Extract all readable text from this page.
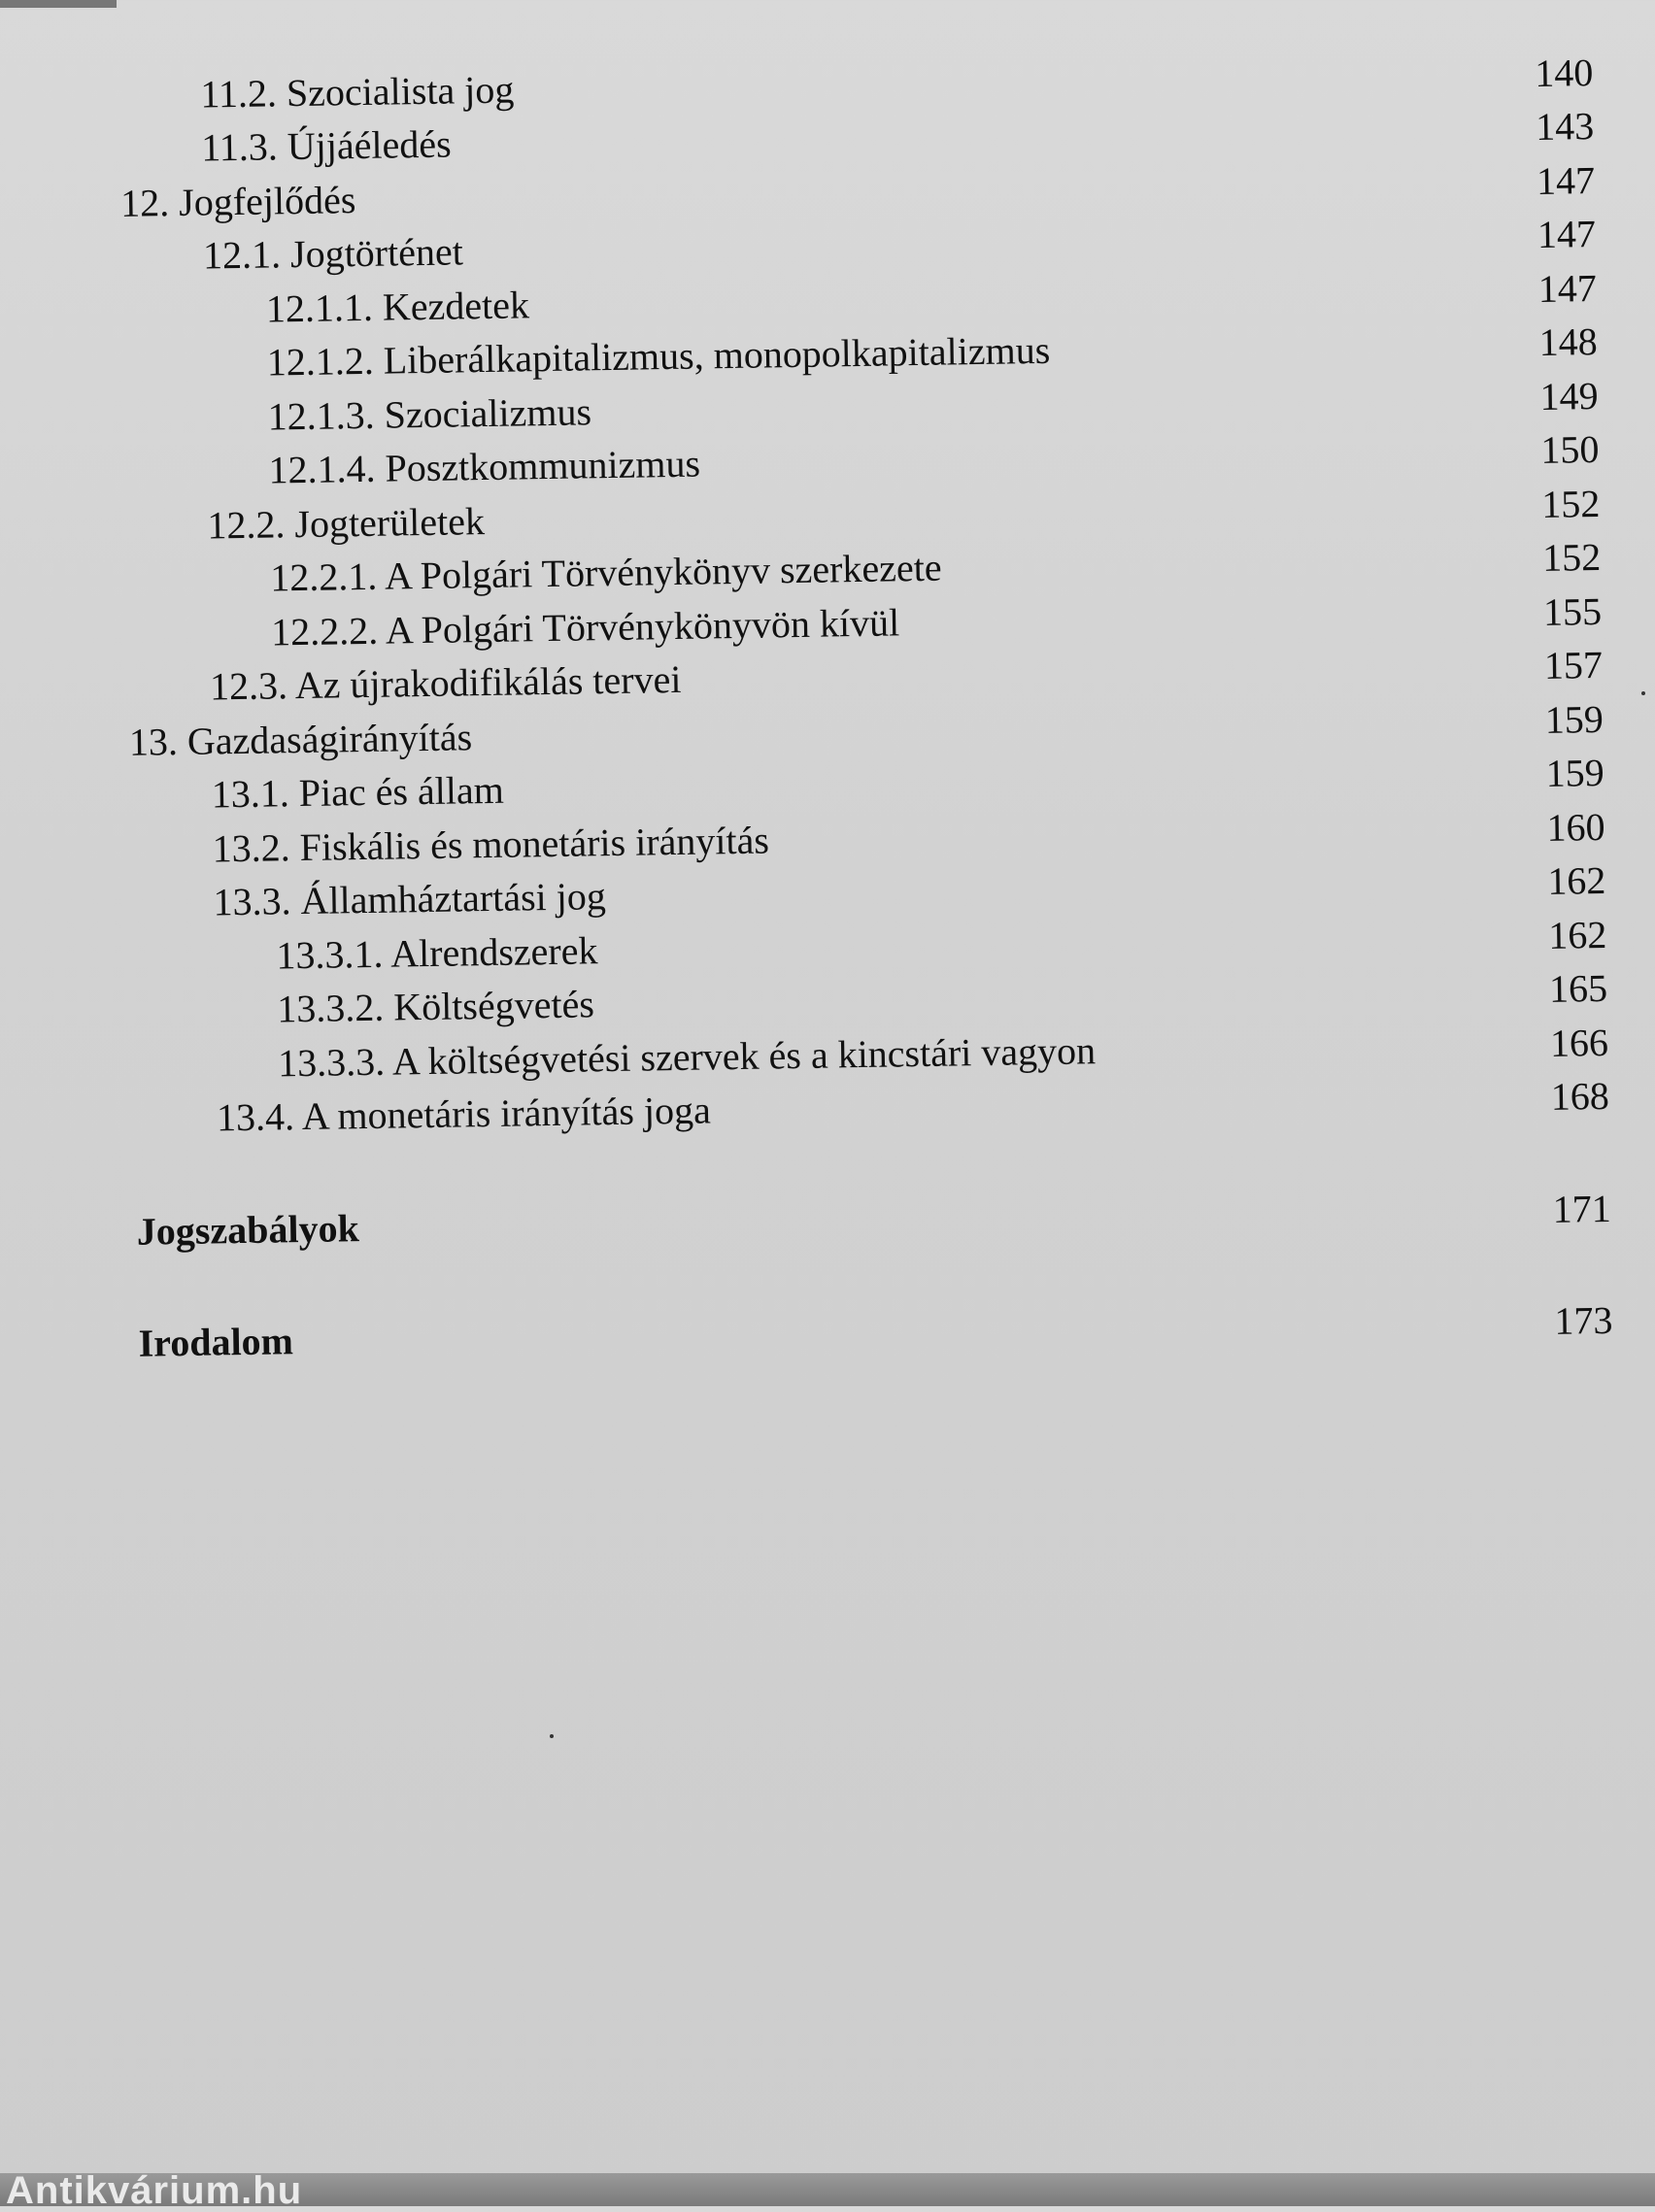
11.2. Szocialista jog	140
11.3. Újjáéledés	143
12. Jogfejlődés	147
12.1. Jogtörténet	147
12.1.1. Kezdetek	147
12.1.2. Liberálkapitalizmus, monopolkapitalizmus	148
12.1.3. Szocializmus	149
12.1.4. Posztkommunizmus	150
12.2. Jogterületek	152
12.2.1. A Polgári Törvénykönyv szerkezete	152
12.2.2. A Polgári Törvénykönyvön kívül	155
12.3. Az újrakodifikálás tervei	157
13. Gazdaságirányítás	159
13.1. Piac és állam	159
13.2. Fiskális és monetáris irányítás	160
13.3. Államháztartási jog	162
13.3.1. Alrendszerek	162
13.3.2. Költségvetés	165
13.3.3. A költségvetési szervek és a kincstári vagyon	166
13.4. A monetáris irányítás joga	168
Jogszabályok	171
Irodalom	173
Antikvárium.hu
